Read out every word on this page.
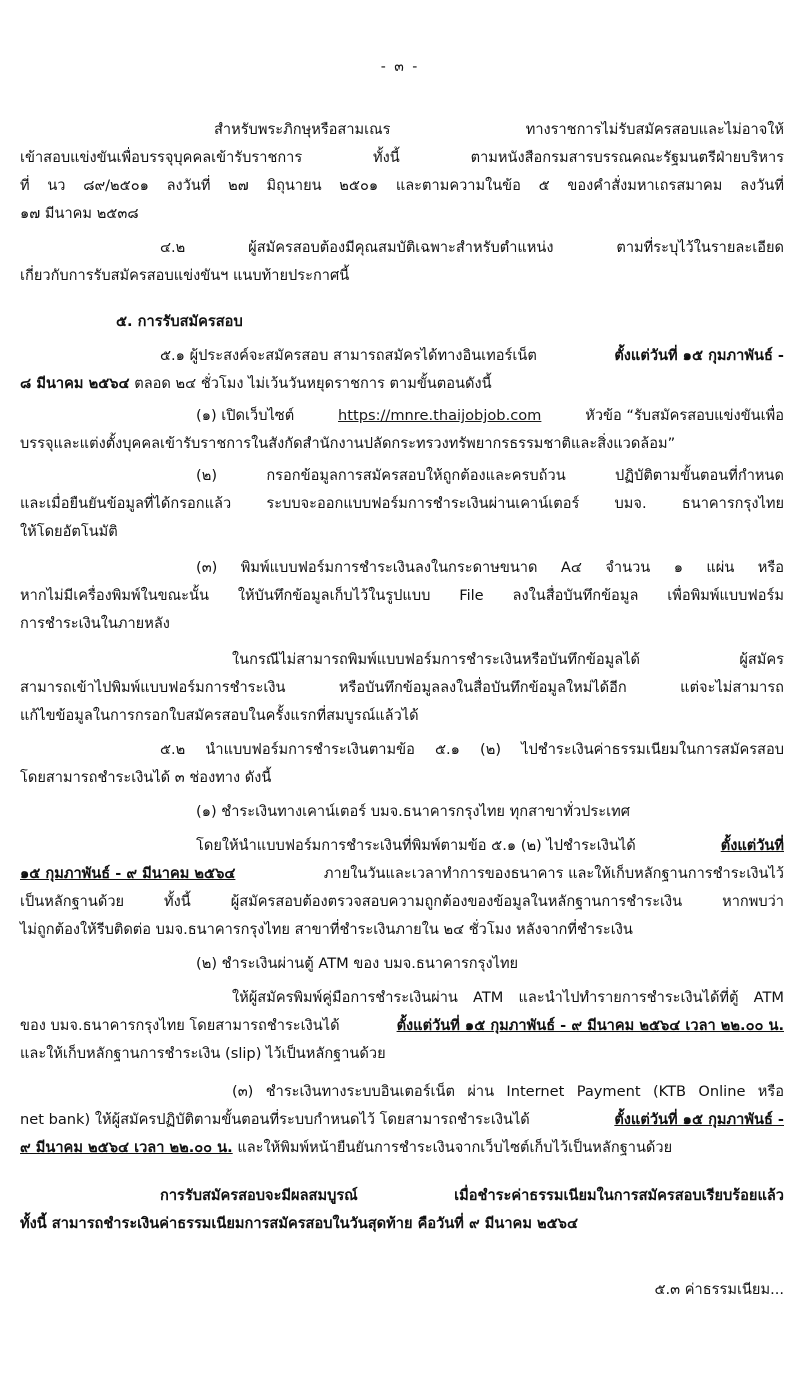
- ๓ -
สำหรับพระภิกษุหรือสามเณร ทางราชการไม่รับสมัครสอบและไม่อาจให้
เข้าสอบแข่งขันเพื่อบรรจุบุคคลเข้ารับราชการ ทั้งนี้ ตามหนังสือกรมสารบรรณคณะรัฐมนตรีฝ่ายบริหาร
ที่ นว ๘๙/๒๕๐๑ ลงวันที่ ๒๗ มิถุนายน ๒๕๐๑ และตามความในข้อ ๕ ของคำสั่งมหาเถรสมาคม ลงวันที่
๑๗ มีนาคม ๒๕๓๘
๔.๒ ผู้สมัครสอบต้องมีคุณสมบัติเฉพาะสำหรับตำแหน่ง ตามที่ระบุไว้ในรายละเอียด
เกี่ยวกับการรับสมัครสอบแข่งขันฯ แนบท้ายประกาศนี้
๕. การรับสมัครสอบ
๕.๑ ผู้ประสงค์จะสมัครสอบ สามารถสมัครได้ทางอินเทอร์เน็ต	ตั้งแต่วันที่ ๑๕ กุมภาพันธ์ -
๘ มีนาคม ๒๕๖๔ ตลอด ๒๔ ชั่วโมง ไม่เว้นวันหยุดราชการ ตามขั้นตอนดังนี้
(๑) เปิดเว็บไซต์	https://mnre.thaijobjob.com	หัวข้อ “รับสมัครสอบแข่งขันเพื่อ
บรรจุและแต่งตั้งบุคคลเข้ารับราชการในสังกัดสำนักงานปลัดกระทรวงทรัพยากรธรรมชาติและสิ่งแวดล้อม”
(๒) กรอกข้อมูลการสมัครสอบให้ถูกต้องและครบถ้วน ปฏิบัติตามขั้นตอนที่กำหนด
และเมื่อยืนยันข้อมูลที่ได้กรอกแล้ว ระบบจะออกแบบฟอร์มการชำระเงินผ่านเคาน์เตอร์ บมจ. ธนาคารกรุงไทย
ให้โดยอัตโนมัติ
(๓) พิมพ์แบบฟอร์มการชำระเงินลงในกระดาษขนาด A๔ จำนวน ๑ แผ่น หรือ
หากไม่มีเครื่องพิมพ์ในขณะนั้น ให้บันทึกข้อมูลเก็บไว้ในรูปแบบ File ลงในสื่อบันทึกข้อมูล เพื่อพิมพ์แบบฟอร์ม
การชำระเงินในภายหลัง
ในกรณีไม่สามารถพิมพ์แบบฟอร์มการชำระเงินหรือบันทึกข้อมูลได้ ผู้สมัคร
สามารถเข้าไปพิมพ์แบบฟอร์มการชำระเงิน หรือบันทึกข้อมูลลงในสื่อบันทึกข้อมูลใหม่ได้อีก แต่จะไม่สามารถ
แก้ไขข้อมูลในการกรอกใบสมัครสอบในครั้งแรกที่สมบูรณ์แล้วได้
๕.๒ นำแบบฟอร์มการชำระเงินตามข้อ ๕.๑ (๒) ไปชำระเงินค่าธรรมเนียมในการสมัครสอบ
โดยสามารถชำระเงินได้ ๓ ช่องทาง ดังนี้
(๑) ชำระเงินทางเคาน์เตอร์ บมจ.ธนาคารกรุงไทย ทุกสาขาทั่วประเทศ
โดยให้นำแบบฟอร์มการชำระเงินที่พิมพ์ตามข้อ ๕.๑ (๒) ไปชำระเงินได้	ตั้งแต่วันที่
๑๕ กุมภาพันธ์ - ๙ มีนาคม ๒๕๖๔	ภายในวันและเวลาทำการของธนาคาร และให้เก็บหลักฐานการชำระเงินไว้
เป็นหลักฐานด้วย ทั้งนี้ ผู้สมัครสอบต้องตรวจสอบความถูกต้องของข้อมูลในหลักฐานการชำระเงิน หากพบว่า
ไม่ถูกต้องให้รีบติดต่อ บมจ.ธนาคารกรุงไทย สาขาที่ชำระเงินภายใน ๒๔ ชั่วโมง หลังจากที่ชำระเงิน
(๒) ชำระเงินผ่านตู้ ATM ของ บมจ.ธนาคารกรุงไทย
ให้ผู้สมัครพิมพ์คู่มือการชำระเงินผ่าน ATM และนำไปทำรายการชำระเงินได้ที่ตู้ ATM
ของ บมจ.ธนาคารกรุงไทย โดยสามารถชำระเงินได้	ตั้งแต่วันที่ ๑๕ กุมภาพันธ์ - ๙ มีนาคม ๒๕๖๔ เวลา ๒๒.๐๐ น.
และให้เก็บหลักฐานการชำระเงิน (slip) ไว้เป็นหลักฐานด้วย
(๓) ชำระเงินทางระบบอินเตอร์เน็ต ผ่าน Internet Payment (KTB Online หรือ
net bank) ให้ผู้สมัครปฏิบัติตามขั้นตอนที่ระบบกำหนดไว้ โดยสามารถชำระเงินได้	ตั้งแต่วันที่ ๑๕ กุมภาพันธ์ -
๙ มีนาคม ๒๕๖๔ เวลา ๒๒.๐๐ น. และให้พิมพ์หน้ายืนยันการชำระเงินจากเว็บไซต์เก็บไว้เป็นหลักฐานด้วย
การรับสมัครสอบจะมีผลสมบูรณ์ เมื่อชำระค่าธรรมเนียมในการสมัครสอบเรียบร้อยแล้ว
ทั้งนี้ สามารถชำระเงินค่าธรรมเนียมการสมัครสอบในวันสุดท้าย คือวันที่ ๙ มีนาคม ๒๕๖๔
๕.๓ ค่าธรรมเนียม...
